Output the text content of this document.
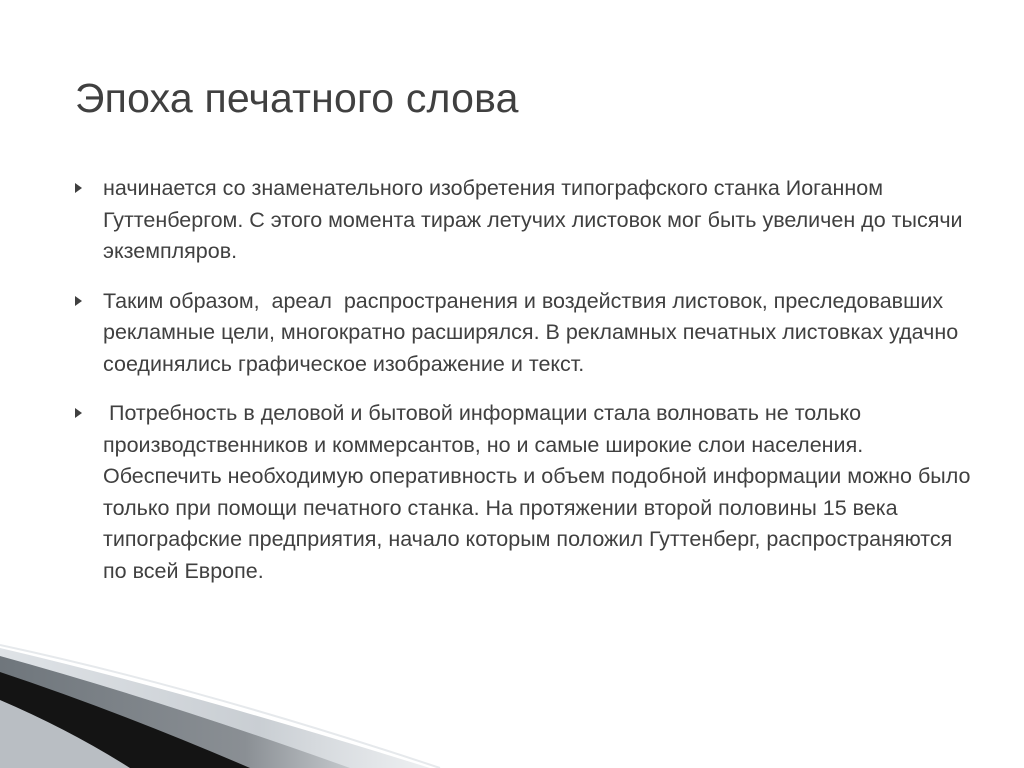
Эпоха печатного слова
начинается со знаменательного изобретения типографского станка Иоганном Гуттенбергом. С этого момента тираж летучих листовок мог быть увеличен до тысячи экземпляров.
Таким образом,  ареал  распространения и воздействия листовок, преследовавших рекламные цели, многократно расширялся. В рекламных печатных листовках удачно соединялись графическое изображение и текст.
Потребность в деловой и бытовой информации стала волновать не только производственников и коммерсантов, но и самые широкие слои населения. Обеспечить необходимую оперативность и объем подобной информации можно было только при помощи печатного станка. На протяжении второй половины 15 века типографские предприятия, начало которым положил Гуттенберг, распространяются по всей Европе.
